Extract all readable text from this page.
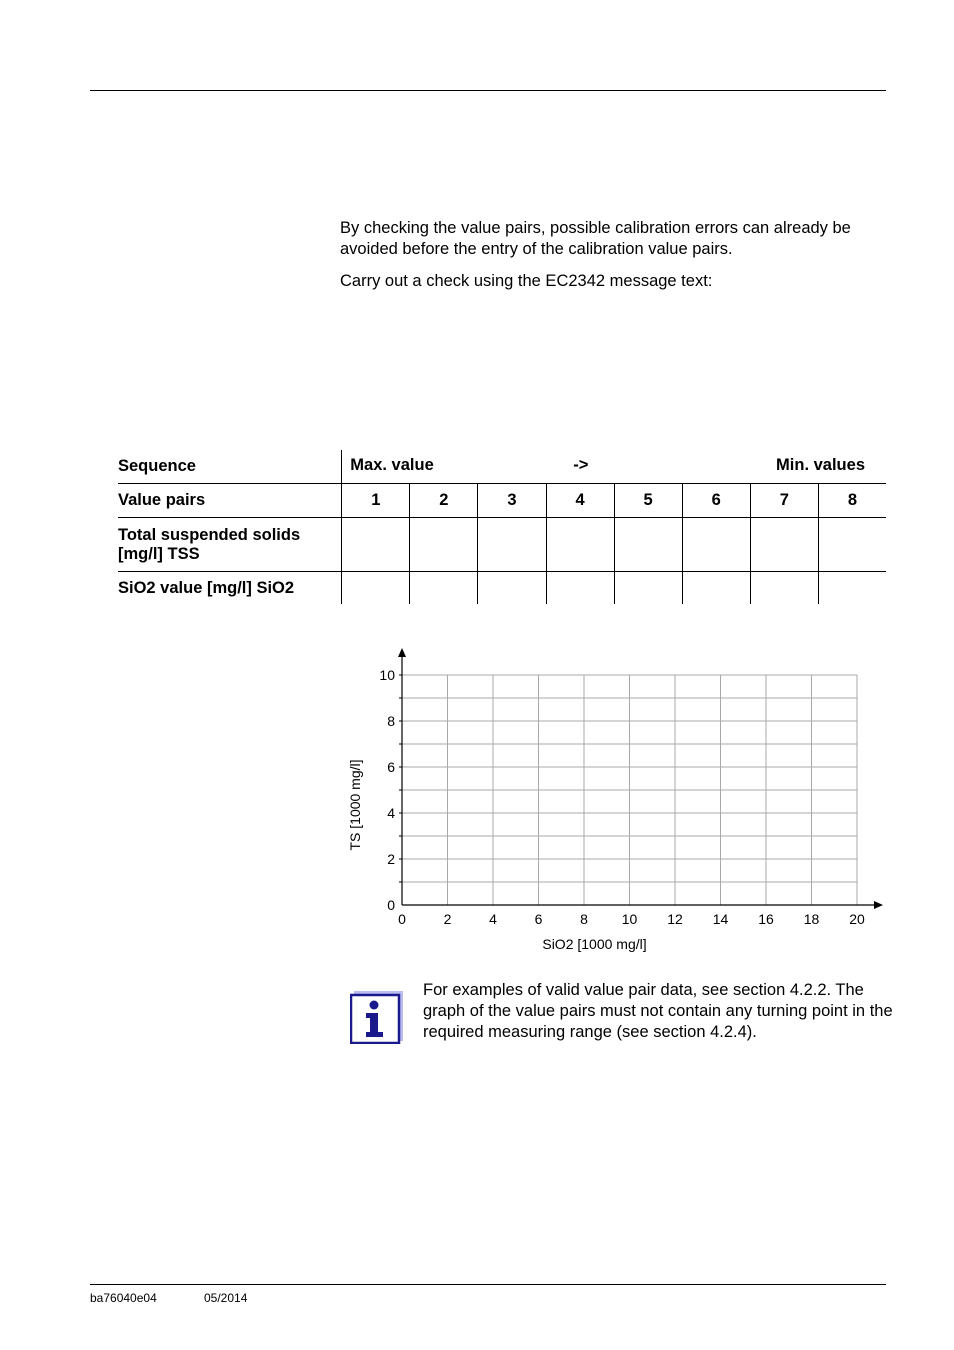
By checking the value pairs, possible calibration errors can already be avoided before the entry of the calibration value pairs.

Carry out a check using the EC2342 message text:

Sequence	Max. value -> Min. values							

Value pairs	1	2	3	4	5	6	7	8
Total suspended solids [mg/l] TSS								
SiO2 value [mg/l] SiO2								
0	2	4	6	8 10 12 14 16 18 20
0
2
4
6
8
10
SiO2 [1000 mg/l]
TS [1000 mg/l]

For examples of valid value pair data, see section 4.2.2. The graph of the value pairs must not contain any turning point in the required measuring range (see section 4.2.4).

ba76040e04	05/2014
